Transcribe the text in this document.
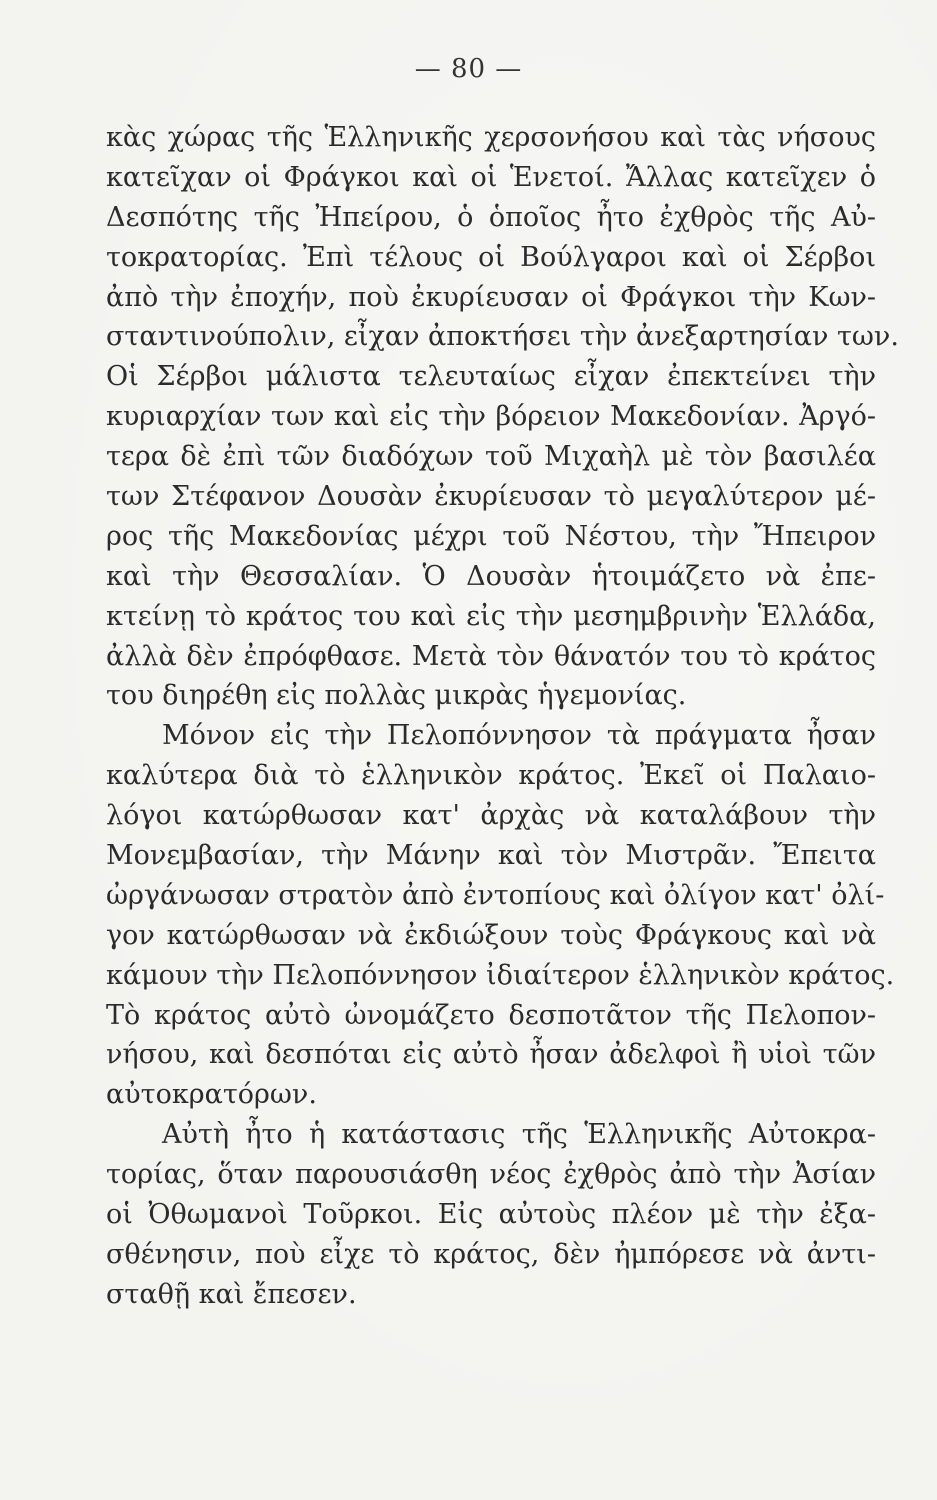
— 80 —
κὰς χώρας τῆς Ἑλληνικῆς χερσονήσου καὶ τὰς νήσους
κατεῖχαν οἱ Φράγκοι καὶ οἱ Ἑνετοί. Ἄλλας κατεῖχεν ὁ
Δεσπότης τῆς Ἠπείρου, ὁ ὁποῖος ἦτο ἐχθρὸς τῆς Αὐ-
τοκρατορίας. Ἐπὶ τέλους οἱ Βούλγαροι καὶ οἱ Σέρβοι
ἀπὸ τὴν ἐποχήν, ποὺ ἐκυρίευσαν οἱ Φράγκοι τὴν Κων-
σταντινούπολιν, εἶχαν ἀποκτήσει τὴν ἀνεξαρτησίαν των.
Οἱ Σέρβοι μάλιστα τελευταίως εἶχαν ἐπεκτείνει τὴν
κυριαρχίαν των καὶ εἰς τὴν βόρειον Μακεδονίαν. Ἀργό-
τερα δὲ ἐπὶ τῶν διαδόχων τοῦ Μιχαὴλ μὲ τὸν βασιλέα
των Στέφανον Δουσὰν ἐκυρίευσαν τὸ μεγαλύτερον μέ-
ρος τῆς Μακεδονίας μέχρι τοῦ Νέστου, τὴν Ἤπειρον
καὶ τὴν Θεσσαλίαν. Ὁ Δουσὰν ἡτοιμάζετο νὰ ἐπε-
κτείνῃ τὸ κράτος του καὶ εἰς τὴν μεσημβρινὴν Ἑλλάδα,
ἀλλὰ δὲν ἐπρόφθασε. Μετὰ τὸν θάνατόν του τὸ κράτος
του διηρέθη εἰς πολλὰς μικρὰς ἡγεμονίας.
Μόνον εἰς τὴν Πελοπόννησον τὰ πράγματα ἦσαν
καλύτερα διὰ τὸ ἑλληνικὸν κράτος. Ἐκεῖ οἱ Παλαιο-
λόγοι κατώρθωσαν κατ' ἀρχὰς νὰ καταλάβουν τὴν
Μονεμβασίαν, τὴν Μάνην καὶ τὸν Μιστρᾶν. Ἔπειτα
ὠργάνωσαν στρατὸν ἀπὸ ἐντοπίους καὶ ὀλίγον κατ' ὀλί-
γον κατώρθωσαν νὰ ἐκδιώξουν τοὺς Φράγκους καὶ νὰ
κάμουν τὴν Πελοπόννησον ἰδιαίτερον ἑλληνικὸν κράτος.
Τὸ κράτος αὐτὸ ὠνομάζετο δεσποτᾶτον τῆς Πελοπον-
νήσου, καὶ δεσπόται εἰς αὐτὸ ἦσαν ἀδελφοὶ ἢ υἱοὶ τῶν
αὐτοκρατόρων.
Αὐτὴ ἦτο ἡ κατάστασις τῆς Ἑλληνικῆς Αὐτοκρα-
τορίας, ὅταν παρουσιάσθη νέος ἐχθρὸς ἀπὸ τὴν Ἀσίαν
οἱ Ὀθωμανοὶ Τοῦρκοι. Εἰς αὐτοὺς πλέον μὲ τὴν ἐξα-
σθένησιν, ποὺ εἶχε τὸ κράτος, δὲν ἠμπόρεσε νὰ ἀντι-
σταθῇ καὶ ἔπεσεν.
